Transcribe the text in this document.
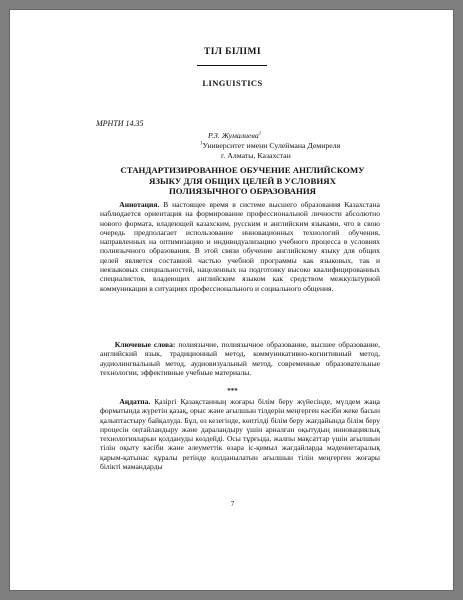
ТІЛ БІЛІМІ
LINGUISTICS
МРНТИ 14.35
Р.З. Жумалиева$^1$
$^1$Университет имени Сулеймана Демиреля
г. Алматы, Казахстан
СТАНДАРТИЗИРОВАННОЕ ОБУЧЕНИЕ АНГЛИЙСКОМУ ЯЗЫКУ ДЛЯ ОБЩИХ ЦЕЛЕЙ В УСЛОВИЯХ ПОЛИЯЗЫЧНОГО ОБРАЗОВАНИЯ
Аннотация. В настоящее время в системе высшего образования Казахстана наблюдается ориентация на формирование профессиональной личности абсолютно нового формата, владеющей казахским, русским и английским языками, что в свою очередь предполагает использование инновационных технологий обучения, направленных на оптимизацию и индивидуализацию учебного процесса в условиях полиязычного образования. В этой связи обучение английскому языку для общих целей является составной частью учебной программы как языковых, так и неязыковых специальностей, нацеленных на подготовку высоко квалифицированных специалистов, владеющих английским языком как средством межкультурной коммуникации в ситуациях профессионального и социального общения.
Ключевые слова: полиязычие, полиязычное образование, высшее образование, английский язык, традиционный метод, коммуникативно-когнитивный метод, аудиолингвальный метод, аудиовизуальный метод, современные образовательные технологии, эффективные учебные материалы.
***
Аңдатпа. Қазіргі Қазақстанның жоғары білім беру жүйесінде, мүлдем жаңа форматында жүретін қазақ, орыс және ағылшын тілдерін меңгерген кәсіби жеке басын қалыптастыру байқалуда. Бұл, өз кезегінде, көптілді білім беру жағдайында білім беру процесін оңтайландыру және дараландыру үшін арналған оқытудың инновациялық технологияларын қолдануды көздейді. Осы тұрғыда, жалпы мақсаттар үшін ағылшын тілін оқыту кәсіби және әлеуметтік өзара іс-қимыл жағдайларда мәдениетаралық қарым-қатынас құралы ретінде қолданылатын ағылшын тілін меңгерген жоғары білікті мамандарды
7
